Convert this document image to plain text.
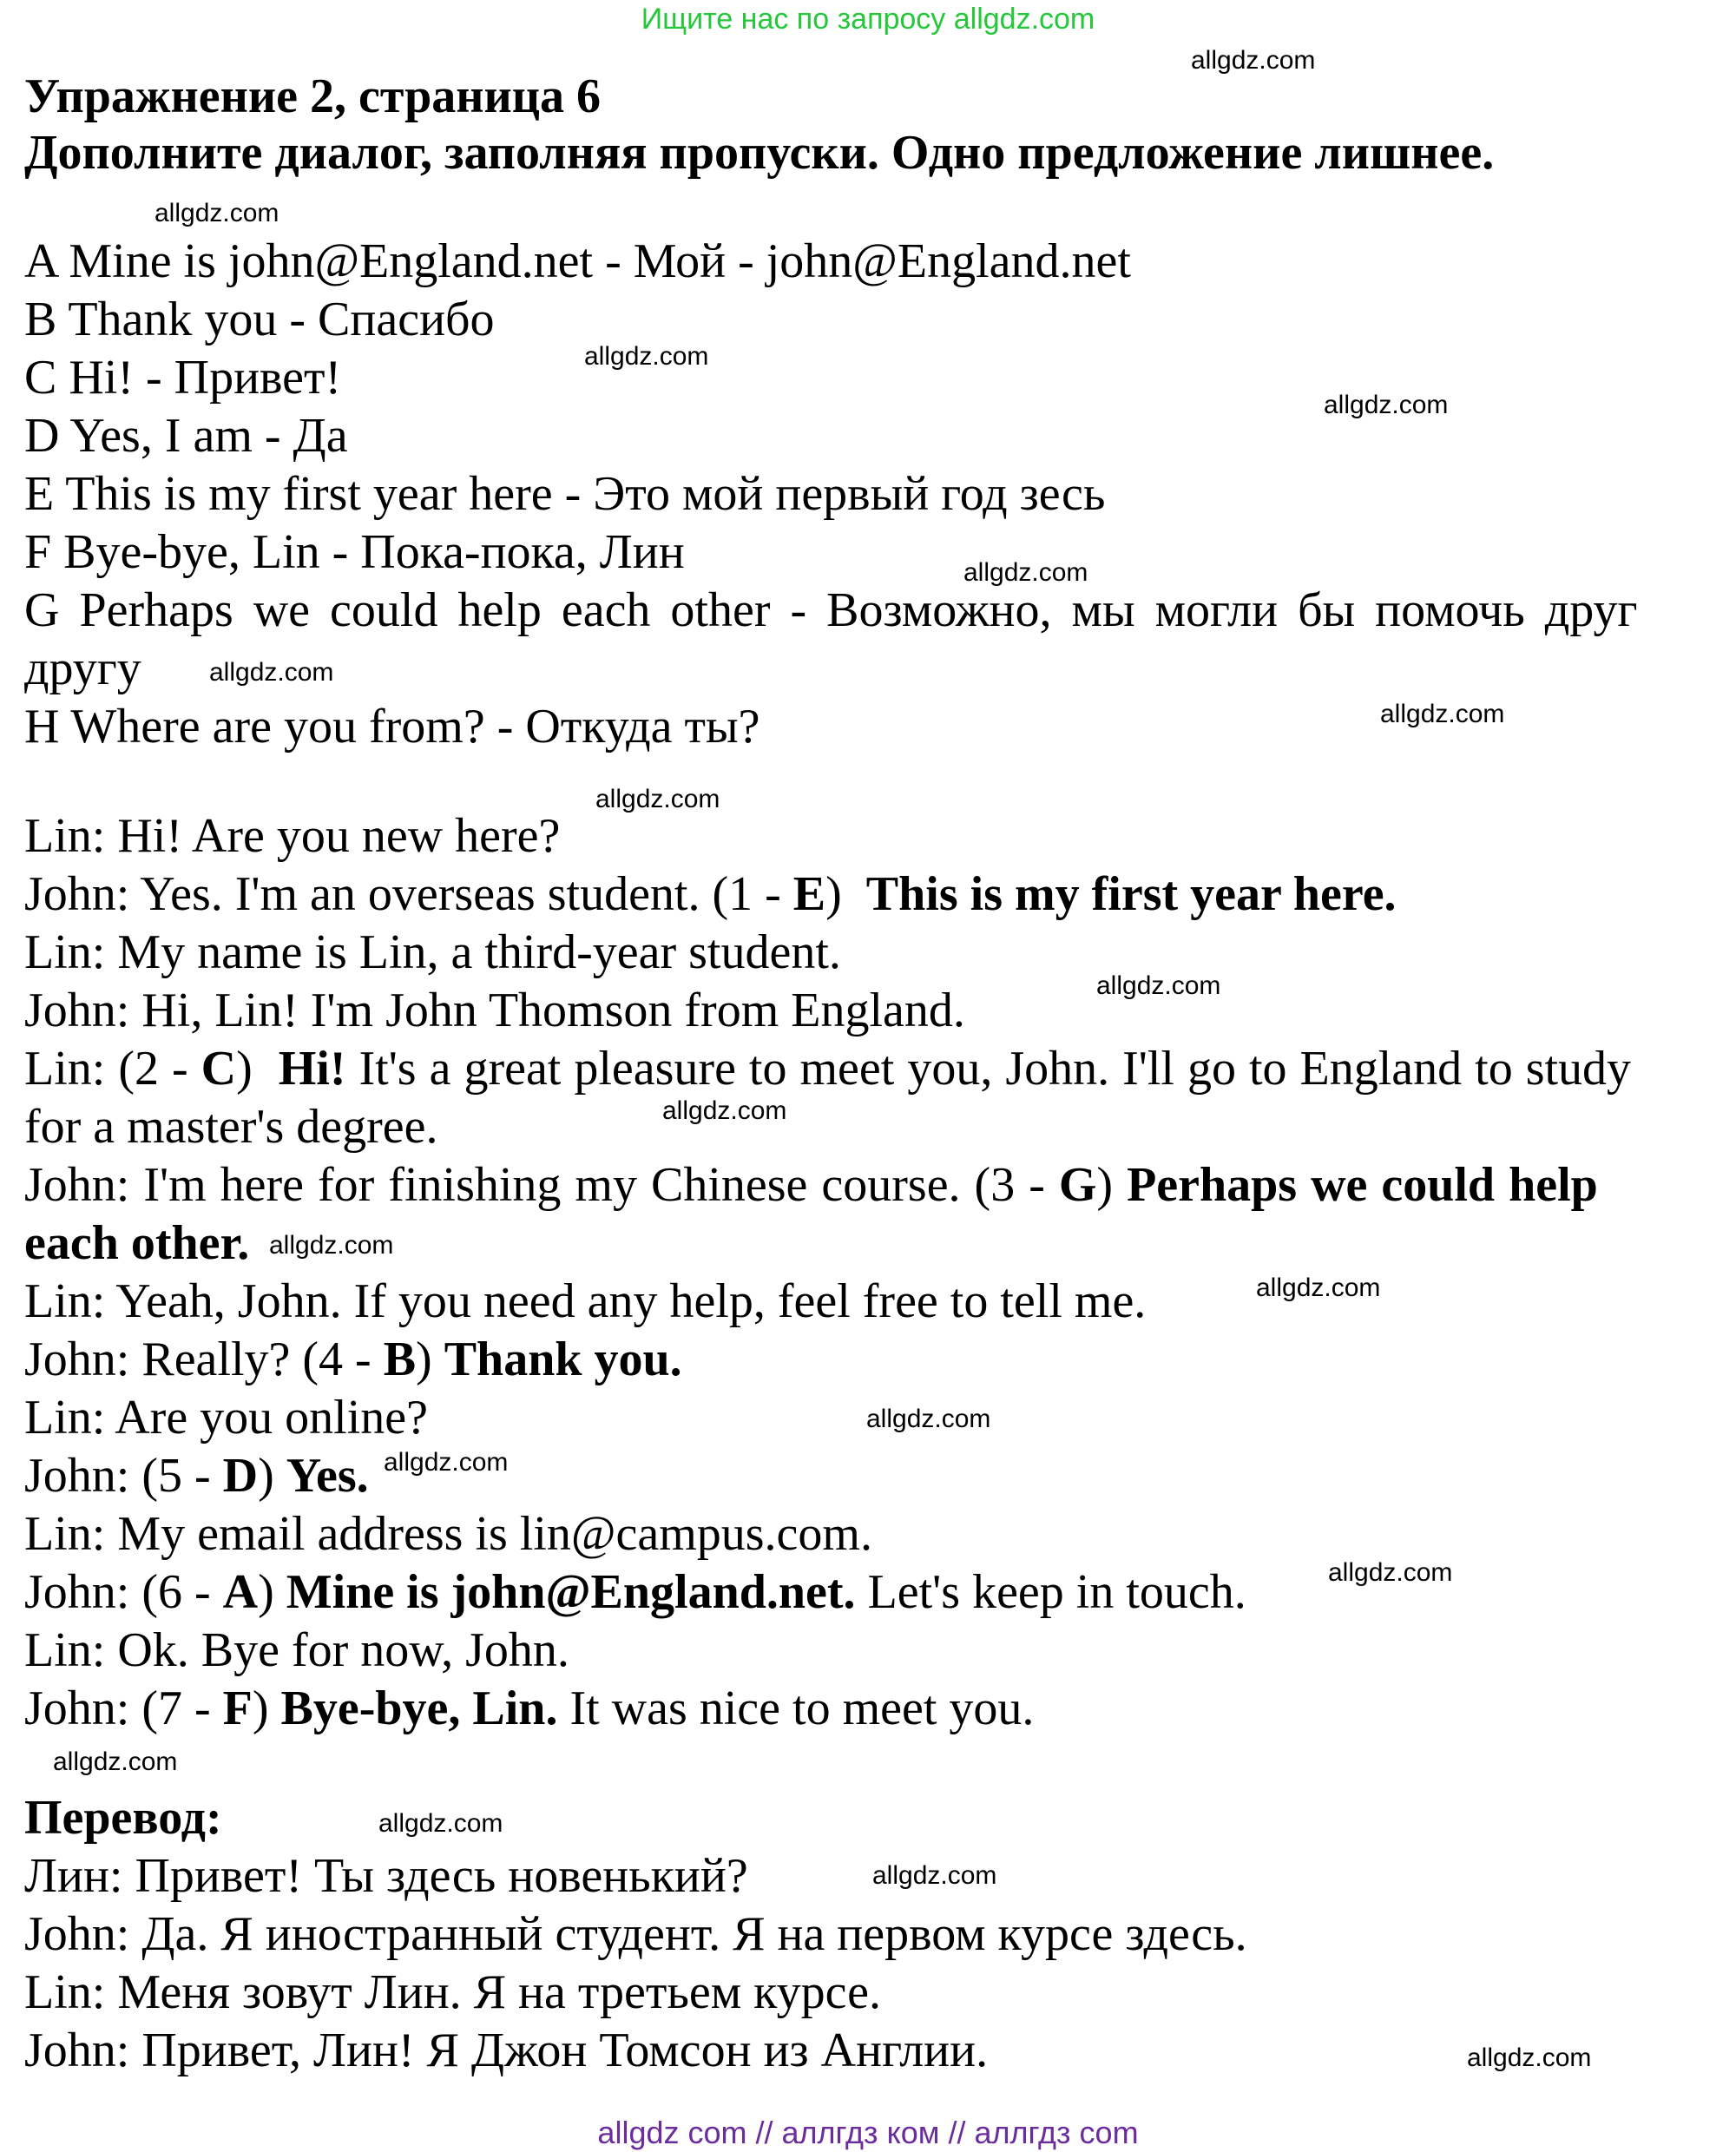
Ищите нас по запросу allgdz.com
Упражнение 2, страница 6
Дополните диалог, заполняя пропуски. Одно предложение лишнее.
A Mine is john@England.net - Мой - john@England.net
B Thank you - Спасибо
C Hi! - Привет!
D Yes, I am - Да
E This is my first year here - Это мой первый год зесь
F Bye-bye, Lin - Пока-пока, Лин
G Perhaps we could help each other - Возможно, мы могли бы помочь друг
другу
H Where are you from? - Откуда ты?
Lin: Hi! Are you new here?
John: Yes. I'm an overseas student. (1 - E)  This is my first year here.
Lin: My name is Lin, a third-year student.
John: Hi, Lin! I'm John Thomson from England.
Lin: (2 - C)  Hi! It's a great pleasure to meet you, John. I'll go to England to study
for a master's degree.
John: I'm here for finishing my Chinese course. (3 - G) Perhaps we could help
each other.
Lin: Yeah, John. If you need any help, feel free to tell me.
John: Really? (4 - B) Thank you.
Lin: Are you online?
John: (5 - D) Yes.
Lin: My email address is lin@campus.com.
John: (6 - A) Mine is john@England.net. Let's keep in touch.
Lin: Ok. Bye for now, John.
John: (7 - F) Bye-bye, Lin. It was nice to meet you.
Перевод:
Лин: Привет! Ты здесь новенький?
John: Да. Я иностранный студент. Я на первом курсе здесь.
Lin: Меня зовут Лин. Я на третьем курсе.
John: Привет, Лин! Я Джон Томсон из Англии.
allgdz.com
allgdz.com
allgdz.com
allgdz.com
allgdz.com
allgdz.com
allgdz.com
allgdz.com
allgdz.com
allgdz.com
allgdz.com
allgdz.com
allgdz.com
allgdz.com
allgdz.com
allgdz.com
allgdz.com
allgdz.com
allgdz.com
allgdz com // аллгдз ком // аллгдз com
